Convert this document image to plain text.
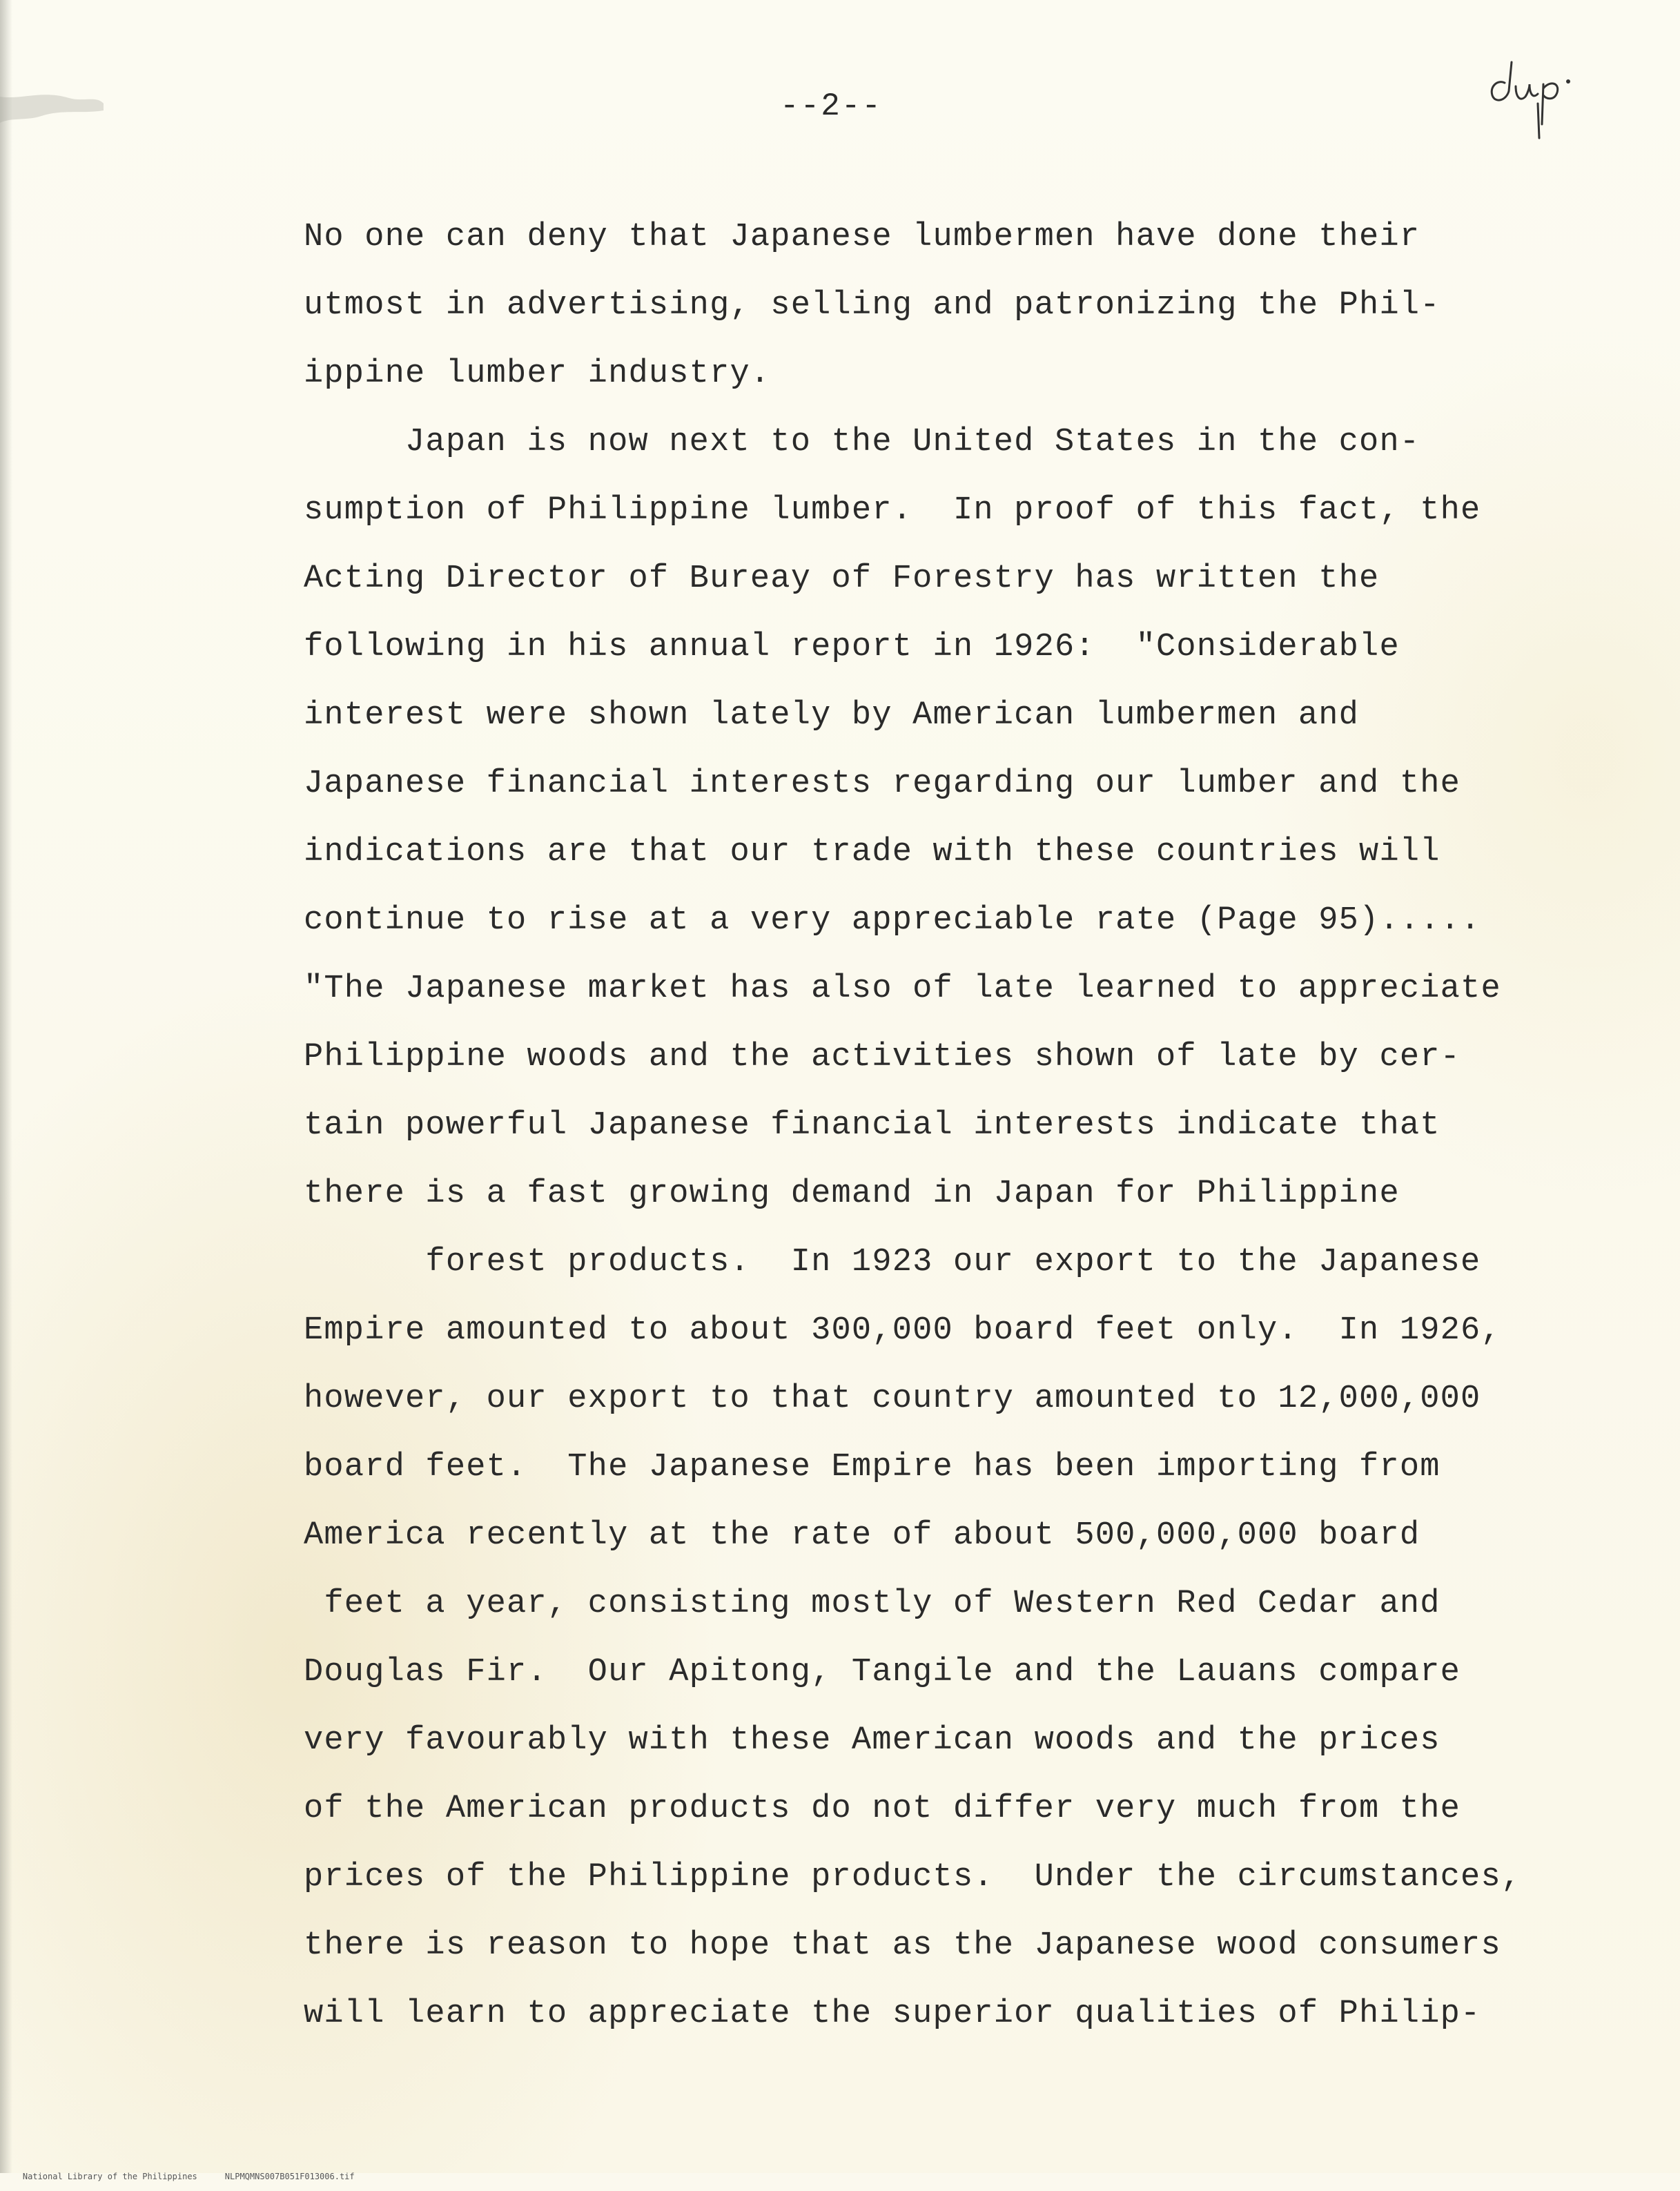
--2--
No one can deny that Japanese lumbermen have done their
utmost in advertising, selling and patronizing the Phil-
ippine lumber industry.
Japan is now next to the United States in the con-
sumption of Philippine lumber.  In proof of this fact, the
Acting Director of Bureay of Forestry has written the
following in his annual report in 1926:  "Considerable
interest were shown lately by American lumbermen and
Japanese financial interests regarding our lumber and the
indications are that our trade with these countries will
continue to rise at a very appreciable rate (Page 95).....
"The Japanese market has also of late learned to appreciate
Philippine woods and the activities shown of late by cer-
tain powerful Japanese financial interests indicate that
there is a fast growing demand in Japan for Philippine
forest products.  In 1923 our export to the Japanese
Empire amounted to about 300,000 board feet only.  In 1926,
however, our export to that country amounted to 12,000,000
board feet.  The Japanese Empire has been importing from
America recently at the rate of about 500,000,000 board
feet a year, consisting mostly of Western Red Cedar and
Douglas Fir.  Our Apitong, Tangile and the Lauans compare
very favourably with these American woods and the prices
of the American products do not differ very much from the
prices of the Philippine products.  Under the circumstances,
there is reason to hope that as the Japanese wood consumers
will learn to appreciate the superior qualities of Philip-

National Library of the Philippines	NLPMQMNS007B051F013006.tif
